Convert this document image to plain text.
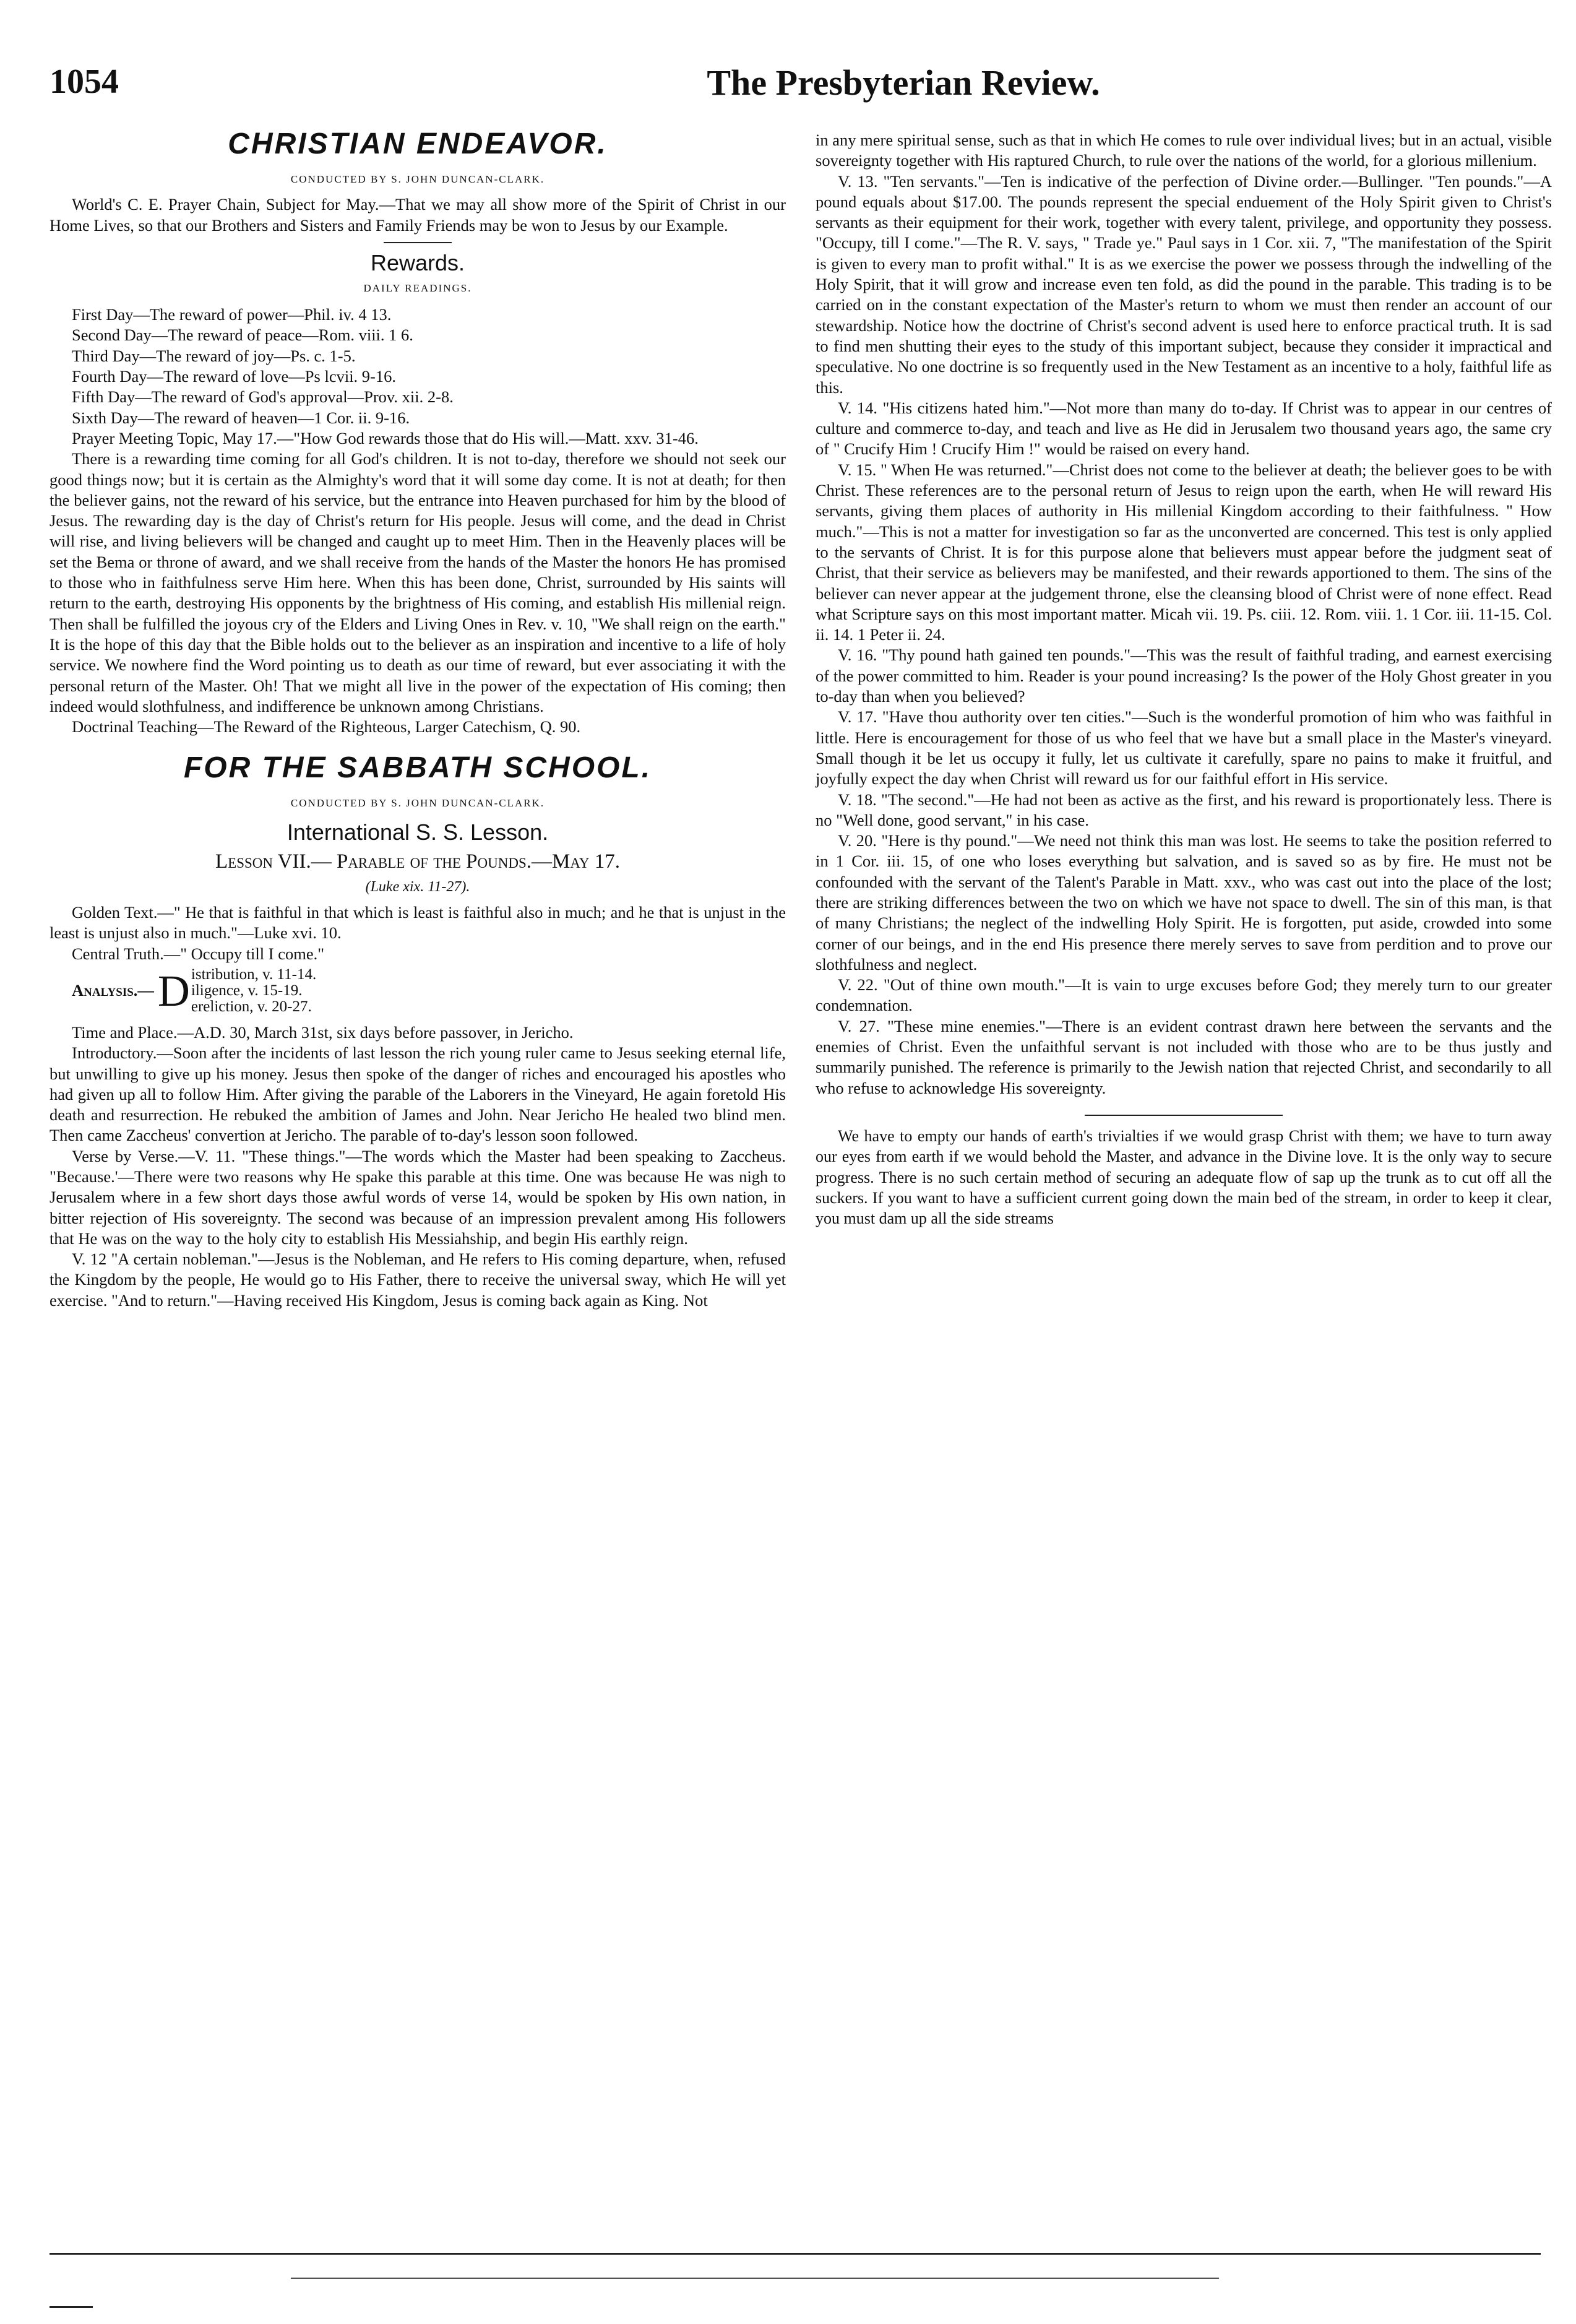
1054	The Presbyterian Review.
CHRISTIAN ENDEAVOR.
CONDUCTED BY S. JOHN DUNCAN-CLARK.

World's C. E. Prayer Chain, Subject for May.—That we may all show more of the Spirit of Christ in our Home Lives, so that our Brothers and Sisters and Family Friends may be won to Jesus by our Example.

Rewards.
DAILY READINGS.

First Day—The reward of power—Phil. iv. 4 13.

Second Day—The reward of peace—Rom. viii. 1 6.

Third Day—The reward of joy—Ps. c. 1-5.

Fourth Day—The reward of love—Ps lcvii. 9-16.

Fifth Day—The reward of God's approval—Prov. xii. 2-8.

Sixth Day—The reward of heaven—1 Cor. ii. 9-16.

Prayer Meeting Topic, May 17.—"How God rewards those that do His will.—Matt. xxv. 31-46.

There is a rewarding time coming for all God's children. It is not to-day, therefore we should not seek our good things now; but it is certain as the Almighty's word that it will some day come. It is not at death; for then the believer gains, not the reward of his service, but the entrance into Heaven purchased for him by the blood of Jesus. The rewarding day is the day of Christ's return for His people. Jesus will come, and the dead in Christ will rise, and living believers will be changed and caught up to meet Him. Then in the Heavenly places will be set the Bema or throne of award, and we shall receive from the hands of the Master the honors He has promised to those who in faithfulness serve Him here. When this has been done, Christ, surrounded by His saints will return to the earth, destroying His opponents by the brightness of His coming, and establish His millenial reign. Then shall be fulfilled the joyous cry of the Elders and Living Ones in Rev. v. 10, "We shall reign on the earth." It is the hope of this day that the Bible holds out to the believer as an inspiration and incentive to a life of holy service. We nowhere find the Word pointing us to death as our time of reward, but ever associating it with the personal return of the Master. Oh! That we might all live in the power of the expectation of His coming; then indeed would slothfulness, and indifference be unknown among Christians.

Doctrinal Teaching—The Reward of the Righteous, Larger Catechism, Q. 90.

FOR THE SABBATH SCHOOL.
CONDUCTED BY S. JOHN DUNCAN-CLARK.
International S. S. Lesson.
Lesson VII.— Parable of the Pounds.—May 17.
(Luke xix. 11-27).

Golden Text.—" He that is faithful in that which is least is faithful also in much; and he that is unjust in the least is unjust also in much."—Luke xvi. 10.

Central Truth.—" Occupy till I come."

Analysis.— D istribution, v. 11-14.
iligence, v. 15-19.
ereliction, v. 20-27.

Time and Place.—A.D. 30, March 31st, six days before passover, in Jericho.

Introductory.—Soon after the incidents of last lesson the rich young ruler came to Jesus seeking eternal life, but unwilling to give up his money. Jesus then spoke of the danger of riches and encouraged his apostles who had given up all to follow Him. After giving the parable of the Laborers in the Vineyard, He again foretold His death and resurrection. He rebuked the ambition of James and John. Near Jericho He healed two blind men. Then came Zaccheus' convertion at Jericho. The parable of to-day's lesson soon followed.

Verse by Verse.—V. 11. "These things."—The words which the Master had been speaking to Zaccheus. "Because.'—There were two reasons why He spake this parable at this time. One was because He was nigh to Jerusalem where in a few short days those awful words of verse 14, would be spoken by His own nation, in bitter rejection of His sovereignty. The second was because of an impression prevalent among His followers that He was on the way to the holy city to establish His Messiahship, and begin His earthly reign.

V. 12 "A certain nobleman."—Jesus is the Nobleman, and He refers to His coming departure, when, refused the Kingdom by the people, He would go to His Father, there to receive the universal sway, which He will yet exercise. "And to return."—Having received His Kingdom, Jesus is coming back again as King. Not

in any mere spiritual sense, such as that in which He comes to rule over individual lives; but in an actual, visible sovereignty together with His raptured Church, to rule over the nations of the world, for a glorious millenium.

V. 13. "Ten servants."—Ten is indicative of the perfection of Divine order.—Bullinger. "Ten pounds."—A pound equals about $17.00. The pounds represent the special enduement of the Holy Spirit given to Christ's servants as their equipment for their work, together with every talent, privilege, and opportunity they possess. "Occupy, till I come."—The R. V. says, " Trade ye." Paul says in 1 Cor. xii. 7, "The manifestation of the Spirit is given to every man to profit withal." It is as we exercise the power we possess through the indwelling of the Holy Spirit, that it will grow and increase even ten fold, as did the pound in the parable. This trading is to be carried on in the constant expectation of the Master's return to whom we must then render an account of our stewardship. Notice how the doctrine of Christ's second advent is used here to enforce practical truth. It is sad to find men shutting their eyes to the study of this important subject, because they consider it impractical and speculative. No one doctrine is so frequently used in the New Testament as an incentive to a holy, faithful life as this.

V. 14. "His citizens hated him."—Not more than many do to-day. If Christ was to appear in our centres of culture and commerce to-day, and teach and live as He did in Jerusalem two thousand years ago, the same cry of " Crucify Him ! Crucify Him !" would be raised on every hand.

V. 15. " When He was returned."—Christ does not come to the believer at death; the believer goes to be with Christ. These references are to the personal return of Jesus to reign upon the earth, when He will reward His servants, giving them places of authority in His millenial Kingdom according to their faithfulness. " How much."—This is not a matter for investigation so far as the unconverted are concerned. This test is only applied to the servants of Christ. It is for this purpose alone that believers must appear before the judgment seat of Christ, that their service as believers may be manifested, and their rewards apportioned to them. The sins of the believer can never appear at the judgement throne, else the cleansing blood of Christ were of none effect. Read what Scripture says on this most important matter. Micah vii. 19. Ps. ciii. 12. Rom. viii. 1. 1 Cor. iii. 11-15. Col. ii. 14. 1 Peter ii. 24.

V. 16. "Thy pound hath gained ten pounds."—This was the result of faithful trading, and earnest exercising of the power committed to him. Reader is your pound increasing? Is the power of the Holy Ghost greater in you to-day than when you believed?

V. 17. "Have thou authority over ten cities."—Such is the wonderful promotion of him who was faithful in little. Here is encouragement for those of us who feel that we have but a small place in the Master's vineyard. Small though it be let us occupy it fully, let us cultivate it carefully, spare no pains to make it fruitful, and joyfully expect the day when Christ will reward us for our faithful effort in His service.

V. 18. "The second."—He had not been as active as the first, and his reward is proportionately less. There is no "Well done, good servant," in his case.

V. 20. "Here is thy pound."—We need not think this man was lost. He seems to take the position referred to in 1 Cor. iii. 15, of one who loses everything but salvation, and is saved so as by fire. He must not be confounded with the servant of the Talent's Parable in Matt. xxv., who was cast out into the place of the lost; there are striking differences between the two on which we have not space to dwell. The sin of this man, is that of many Christians; the neglect of the indwelling Holy Spirit. He is forgotten, put aside, crowded into some corner of our beings, and in the end His presence there merely serves to save from perdition and to prove our slothfulness and neglect.

V. 22. "Out of thine own mouth."—It is vain to urge excuses before God; they merely turn to our greater condemnation.

V. 27. "These mine enemies."—There is an evident contrast drawn here between the servants and the enemies of Christ. Even the unfaithful servant is not included with those who are to be thus justly and summarily punished. The reference is primarily to the Jewish nation that rejected Christ, and secondarily to all who refuse to acknowledge His sovereignty.

We have to empty our hands of earth's trivialties if we would grasp Christ with them; we have to turn away our eyes from earth if we would behold the Master, and advance in the Divine love. It is the only way to secure progress. There is no such certain method of securing an adequate flow of sap up the trunk as to cut off all the suckers. If you want to have a sufficient current going down the main bed of the stream, in order to keep it clear, you must dam up all the side streams
